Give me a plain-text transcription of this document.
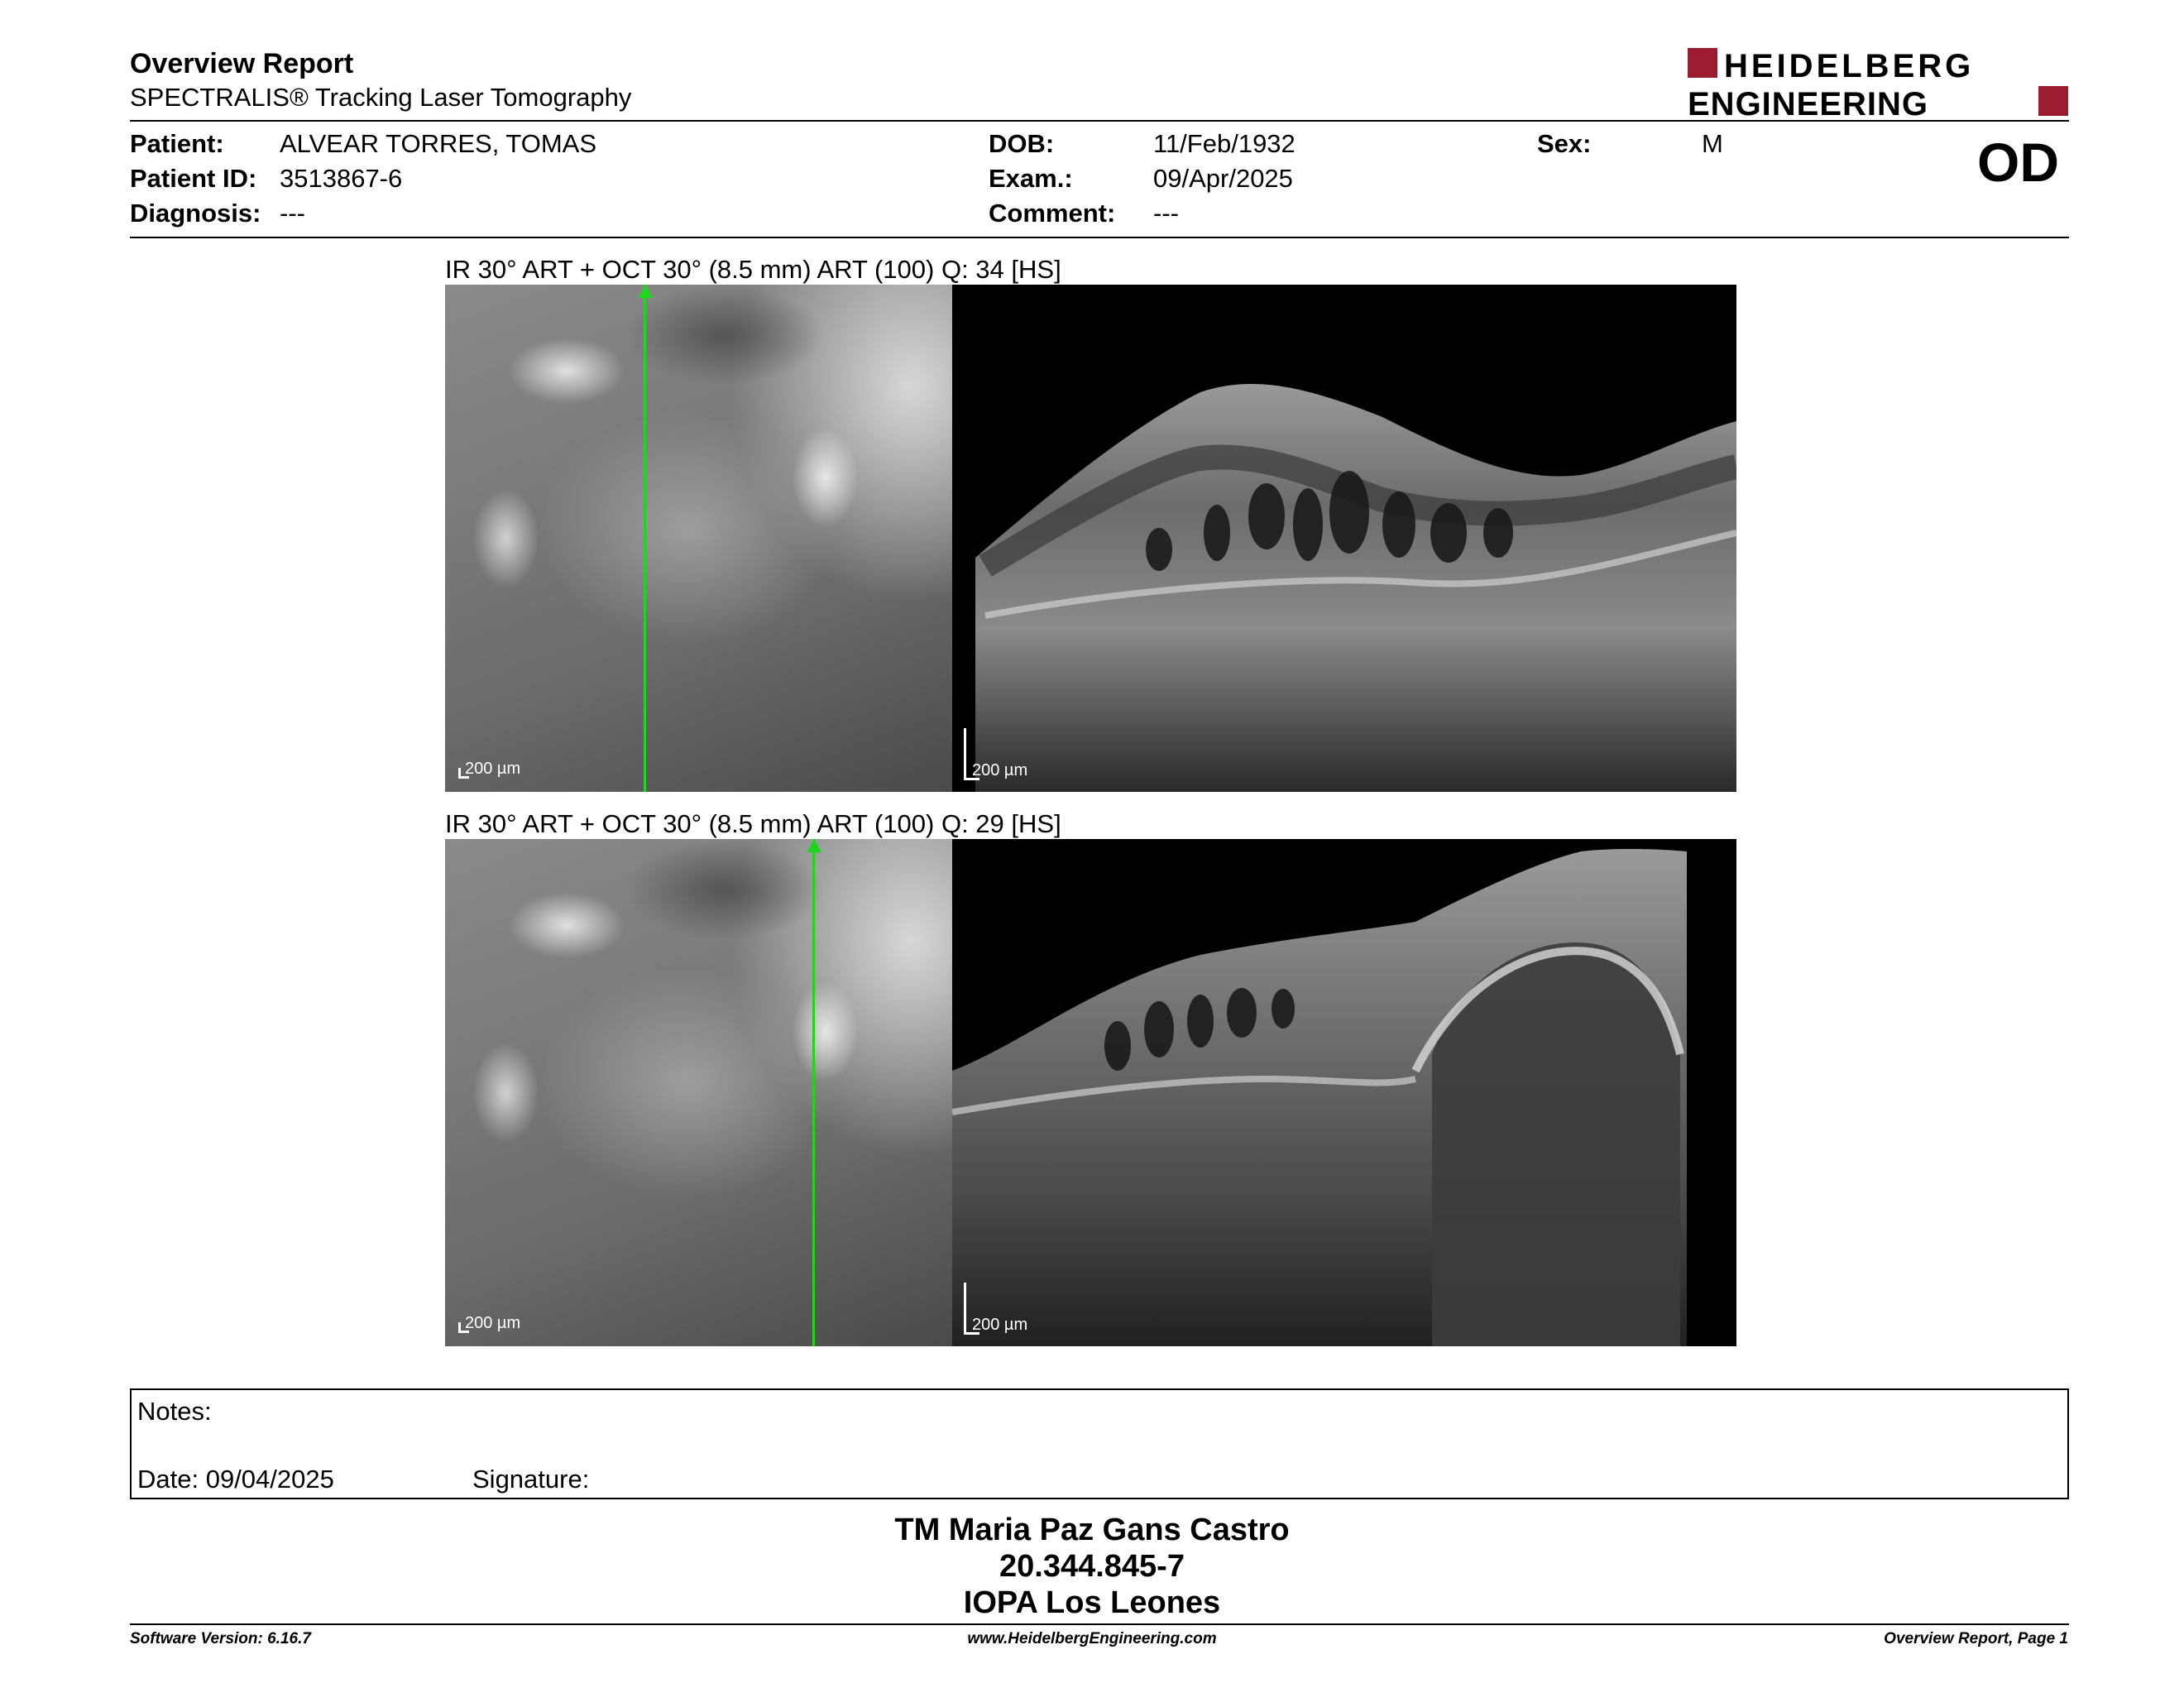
Overview Report
SPECTRALIS® Tracking Laser Tomography
HEIDELBERG
ENGINEERING
Patient: ALVEAR TORRES, TOMAS
Patient ID: 3513867-6
Diagnosis: ---
DOB:	11/Feb/1932
Exam.:	09/Apr/2025
Comment: ---
Sex:	M	OD
IR 30° ART + OCT 30° (8.5 mm) ART (100) Q: 34 [HS]
200 µm	200 µm
IR 30° ART + OCT 30° (8.5 mm) ART (100) Q: 29 [HS]
200 µm	200 µm
Notes:
Date: 09/04/2025	Signature:
TM Maria Paz Gans Castro
20.344.845-7
IOPA Los Leones
Software Version: 6.16.7	www.HeidelbergEngineering.com	Overview Report, Page 1
